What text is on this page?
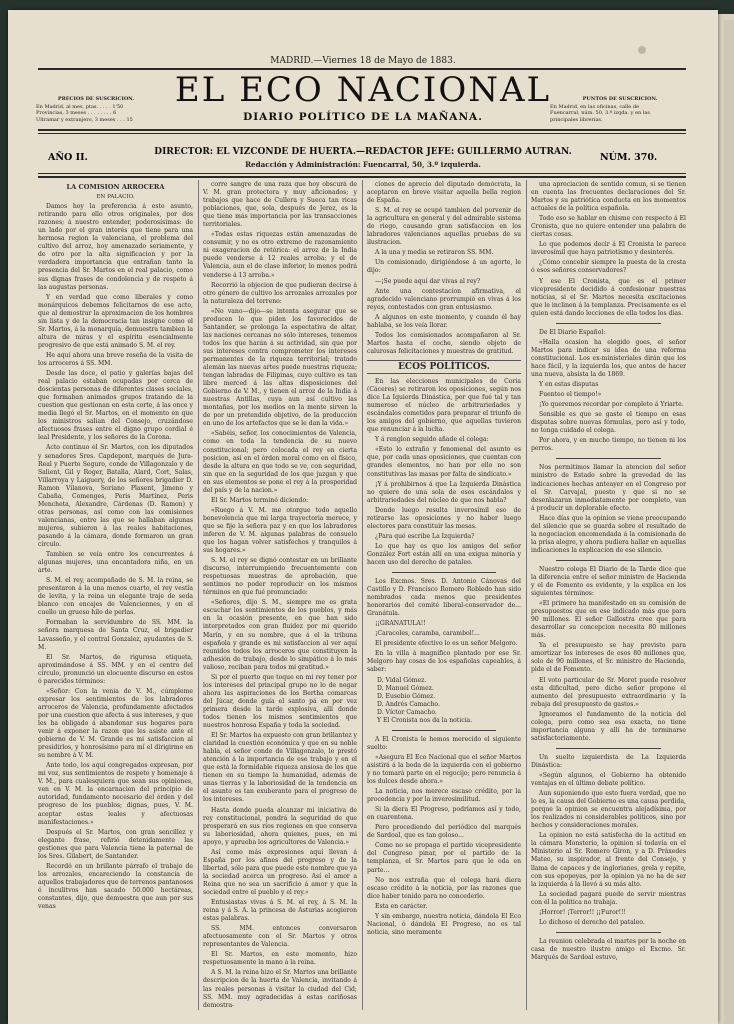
MADRID.—Viernes 18 de Mayo de 1883.
PRECIOS DE SUSCRICION.
En Madrid, al mes, ptas. . . . . 1'50
Provincias, 3 meses . . . . . . . . 6
Ultramar y extranjero, 3 meses . . . 15
EL ECO NACIONAL	PUNTOS DE SUSCRICION.
En Madrid, en las oficinas, calle de
Fuencarral, núm. 50, 3.º izqda. y en las
principales librerías.
DIARIO POLÍTICO DE LA MAÑANA.
AÑO II.	DIRECTOR: EL VIZCONDE DE HUERTA.—REDACTOR JEFE: GUILLERMO AUTRAN.
Redacción y Administración: Fuencarral, 50, 3.º izquierda.
NÚM. 370.

LA COMISION ARROCERA

EN PALACIO.

Damos hoy la preferencia á este asunto, retirando para ello otros originales, por dos razones; á nuestro entender, poderosísimas: de un lado por el gran interés que tiene para una hermosa region la valenciana, el problema del cultivo del arroz, hoy amenazado seriamente, y de otro por la alta significacion y por la verdadera importancia que entrañan tanto la presencia del Sr. Martos en el real palacio, como sus dignas frases de condolencia y de respeto á las augustas personas.

Y en verdad que como liberales y como monárquicos debemos felicitarnos de ese acto, que al demostrar la aproximacion de los hombres sin lista y de la democracia tan insigne como el Sr. Martos, á la monarquía, demuestra tambien la altura de miras y el espíritu esencialmente progresivo de que está animado S. M. el rey.

He aquí ahora una breve reseña de la visita de los arroceros á SS. MM.

Desde las doce, el patio y galerías bajas del real palacio estaban ocupadas por cerca de doscientas personas de diferentes clases sociales, que formaban animados grupos tratando de la cuestion que gestionan en esta corte, á las once y media llegó el Sr. Martos, en el momento en que los ministros salian del Consejo, cruzándose afectuosos frases entre el digno grupo cordial é leal Presidente, y los señores de la Corona.

Acto continuo el Sr. Martos, con los diputados y senadores Sres. Capdepont, marqués de Jura-Real y Puerto Seguro, conde de Villagonzalo y de Salient, Gil y Roger, Batalla, Alard, Cort, Salas, Villarroya y Laiguery, de los señores brigadier D. Ramon Vilanova, Soriano Plasent, Jimeno y Cabaña, Comenges, Peris Martínez, Peris Mencheta, Alexandre, Cárdenas (D. Ramon) y otras personas, así como con las comisiones valencianas, entre las que se hallaban algunas mujeres, subieron á las reales habitaciones, pasando á la cámara, donde formaron un gran círculo.

Tambien se veía entre los concurrentes á algunas mujeres, una encantadora niña, en un arte.

S. M. el rey, acompañado de S. M. la reina, se presentaron á la una menos cuarto, el rey vestía de levita, y la reina un elegante traje de seda blanco con encajes de Valenciennes, y en el cuello un grueso hilo de perlas.

Formaban la servidumbre de SS. MM. la señora marquesa de Santa Cruz, el brigadier Lavasseño, y el contral Gonzalez, ayudantes de S. M.

El Sr. Martos, de rigurosa etiqueta, aproximándose á SS. MM. y en el centro del círculo, pronunció un elocuente discurso en estos ó parecidos términos:

«Señor: Con la venia de V. M., cúmpleme expresar los sentimientos de los labradores arroceros de Valencia, profundamente afectados por una cuestion que afecta á sus intereses, y que les ha obligado á abandonar sus hogares para venir á exponer la razon que les asiste ante el gobierno de V. M. Grande es mi satisfaccion al presidirlos, y honrosísimo para mí el dirigirme en su nombre á V. M.

Ante todo, los aquí congregados expresan, por mi voz, sus sentimientos de respeto y homenaje á V. M., para cualesquiera que sean sus opiniones, ven en V. M. la encarnacion del principio de autoridad, fundamento necesario del órden y del progreso de los pueblos; dignas, pues, V. M. aceptar estas leales y afectuosas manifestaciones.»

Después el Sr. Martos, con gran sencillez y elegante frase, refirió detenidamente las gestiones que para Valencia tiene la paternal de los Sres. Gilabert, de Santander.

Recordó en un brillante párrafo el trabajo de los arrozales, encareciendo la constancia de aquellos trabajadores que de terrenos pantanosos é inculitvos han sacado 50.000 hectáreas, constantes, dijo, que demuestra que aun por sus venas

corre sangre de una raza que hoy obscurá de V. M. gran protectora y muy aficionados; y trabajos que hace de Cullera y Sueca tan ricas poblaciones, que, sola, después de Jerez, es la que tiene más importancia por las transacciones territoriales.

«Todas estas riquezas están amenazadas de consumir, y no es otro extremo de razonamiento ni exageracion de retórica: el arroz de la India puede venderse á 12 reales arroba; y el de Valencia, aun el de clase inferior, lo menos podrá venderse á 13 arroba.»

Recorrió la objecion de que pudieran decirse á otro género de cultivo los arrozales arrozales por la naturaleza del terreno:

«No vano—dijo—se intenta asegurar que se producen lo que piden los favorecidos de Santander, se prolonga la espectativa de altar, las naciones cercanas no sólo intereses, tenemos todos los que harán á su actividad, sin que por sus intereses contra comprometer los intereses permanentes de la riqueza territorial; tratado alemán las nuevas artes puede nuestras riqueza; tengan labradas de Filipinas, cuyo cultivo es tan libre merced á las altas disposiciones del Gobierno de V. M., y tienen el arroz de la India á nuestras Antillas, cuya aun así cultivo las montañas, por los medios en la mente sirven la de por un pretendido objetivo, de la producción en uno de los artefactos que se le dan la vida.»

«Sabéis, señor, los conocimientos de Valencia, como en toda la tendencia de su nuevo constitucional; pero colocada el rey en cierta posicion, así en el órden moral como en el físico, desde la altura en que todo se ve, con seguridad, sin que en la seguridad de los que juzgan y que en sus elementos se pone el rey á la prosperidad del país y de la nacion.»

El Sr. Martos terminó diciendo:

«Ruego á V. M. me otorgue todo aquello benevolencia que mi larga trayectoria merece, y que se fije la señora paz y en que los labradores inferen de V. M. algunas palabras de consuelo que los hagan volver satisfechos y tranquilos á sus hogares.»

S. M. el rey se dignó contestar en un brillante discurso, interrumpiendo frecuentemente con respetuosas muestras de aprobación, que sentimos no poder reproducir en los mismos términos en que fué pronunciado:

«Señores, dijo S. M., siempre me es grata escuchar los sentimientos de los pueblos, y más en la ocasión presente, en que han sido interpretados con gran fluidez por mi querido Marín, y en su nombre, que á el la tribuna española y grande es mi satisfaccion al ver aquí reunidos todos los arroceros que constituyen la adhesión de trabajo, desde lo simpático á lo más valioso, reciban para todos mi gratitud.»

Si por el puerto que toque en mi rey tener por los intereses del principal grupo no lo de negar ahora las aspiraciones de los Bertha comarcas del Júcar, donde guía el santo pá en por vez primera desde la tarde explosiva, allí donde todos tienen los mismos sentimientos que nuestros honrosa España y toda la sociedad.

El Sr. Martos ha expuesto con gran brillantez y claridad la cuestión económica y que en su noble habla, el señor conde de Villagonzalo, le prestó atención á la importancia de ese trabajo y en el que está la formidable riqueza ansiosa de los que tienen en su tiempo la humanidad, además de unas tierras y la laboriosidad de la tendencia en el asunto es tan exuberante para el progreso de los intereses.

Hasta donde pueda alcanzar mi iniciativa de rey constitucional, pondrá la seguridad de que prosperará en sus ríos regiones en que conserva su laboriosidad, ahora quienes, pues, en mi apoyo, y aprueba los agricultores de Valencia.»

Así como más expresiones aquí llevan á España por los afines del progreso y de la libertad, sólo para que puede este nombre que ya la sociedad acerca un progreso. Así el amor a Reina que no sea un sacrificio á amor y que la sociedad entre el pueblo y el rey.»

Entusiastas vivas á S. M. el rey, á S. M. la reina y á S. A. la princesa de Asturias acogieron estas palabras.

SS. MM. entonces conversaron afectuosamente con el Sr. Martos y otros representantes de Valencia.

El Sr. Martos, en este momento, hizo respetuosamente la mano á la reina.

A S. M. la reina hizo el Sr. Martos una brillante descripcion de la huerta de Valencia, invitando á las reales personas á visitar la ciudad del Cid; SS. MM. muy agradecidas á estas cariñosas demostra-

ciones de aprecio del diputado demócrata, la aceptaron en breve visitar aquella bella region de España.

S. M. el rey se ocupó tambien del porvenir de la agricultura en general y del admirable sistema de riego, causando gran satisfaccion en los labradores valencianos aquellas pruebas de su ilustracion.

A la una y media se retiraron SS. MM.

Un comisionado, dirigiéndose á un agorte, le dijo:

—¡Se puede aquí dar vivas al rey?

Ante una contestacion afirmativa, el agradecido valenciano prorrumpió en vivas á los reyes, contestados con gran entusiasmo.

A algunos en este momento, y cuando él hay hablaba, se los veía llorar.

Todos los comisionados acompañaron al Sr. Martos hasta el coche, siendo objeto de calurosas felicitaciones y muestras de gratitud.

ECOS POLÍTICOS.

En las elecciones municipales de Coria (Cáceres) se retiraron los oposiciones, según nos dice La Iquierda Dinástica, por que fué tal y tan numeroso el núcleo de arbitrariedades y escándalos cometidos para preparar el triunfo de los amigos del gobierno, que aquellas tuvieron que renunciar á la lucha.

Y á renglon seguido añade el colega:

«Esto lo extraño y fenomenal del asunto es que, por cada unas oposiciones, que cuentan con grandes elementos, no han por ello no son constitutivas las masas por falta de sindicato.»

¡Y á prohibirnos á que La Izquierda Dinástica no quiere de una sola de esos escándalos y arbitrariedades del núcleo de que nos habla?

Donde luego resulta inverosímil eso de retirarse las oposiciones y no haber luego electores para constituir las mesas.

¿Para qué escribe La Izquierda?

Lo que hay es que los amigos del señor González Fort están allí en una exigua minoría y hacen uso del derecho de pataleo.

Los Excmos. Sres. D. Antonio Cánovas del Castillo y D. Francisco Romero Robledo han sido nombrados cada menos que presidentes honorarios del comité liberal-conservador de... Granátula.

¡¡GRANATULA!!

¡Caracoles, caramba, carambol!...

El presidente efectivo lo es un señor Melgoro.

En la villa á magnífico plantado por ese Sr. Melgoro hay cosas de los españolas capeables, á saber:

D. Vidal Gómez.

D. Manuel Gómez.

D. Eusebio Gómez.

D. Andrés Camacho.

D. Víctor Camacho.

Y El Cronista nos da la noticia.

A El Cronista le hemos merecido el siguiente suelto:

«Asegura El Eco Nacional que el señor Martos asistirá á la boda de la izquierda con el gobierno y no tomará parte en el regocijo; pero renuncia á los dulces desde ahora.»

La noticia, nos merece escaso crédito, por la procedencia y por la inverosimilitud.

Si la diera El Progreso, podríamos así y todo, en cuarentena.

Pero procediendo del periódico del marqués de Sardoal, que es tan goloso...

Como no se propaga el partido vicepresidente del Congreso pinar, por el partido de la templanza, el Sr. Martos para que le oda en parte...

No nos extraña que el colega hará diera escaso crédito á la noticia, por las razones que dice haber tenido para no concederlo.

Esta en carácter.

Y sin embargo, nuestra noticia, dándola El Eco Nacional, ó dándola El Progreso, no es tal noticia, sino meramente

una apreciacion de sentido comun, si se tienen en cuenta las frecuentes declaraciones del Sr. Martos y su patriótica conducta en los momentos actuales de la política española.

Todo eso se hablar en chisme con respecto á El Cronista, que no quiere entender una palabra de ciertas cosas.

Lo que podemos decir á El Cronista le parece inverosímil que haya patriotismo y desinterés.

¿Cómo concebir siempre la puesta de la cresta ó esos señores conservadores?

Y ese El Cronista, que es el primer vicepresidente decidido á confesionar nuestras noticias, si el Sr. Martos necesita excitaciones que le inclinen á la templanza. Precisamente es el quien está dando lecciones de ella todos los días.

De El Diario Español:

«Halla ocasion ha elegido goes, el señor Martos para indicar su idea de una reforma constitucional. Los ex-ministeriales dirán que los hace fácil, y la izquierda los, que antes de hacer una nueva, absista la de 1869.

Y en estas disputas

Fuenteo el tiempo!»

¡Yo queremos recordar por completo á Yriarte.

Sensible es que se gaste el tiempo en esas disputas sobre nuevas fórmulas, pero así y todo, no tenga cuidado el colega.

Por ahora, y en mucho tiempo, no tienen ni los perros.

Nos permitimos llamar la atencion del señor ministro de Estado sobre la gravedad de las indicaciones hechas anteayer en el Congreso por el Sr. Carvajal, puesto y que si no se desenlazaran inmediatamente por completo, van á producir un deplorable efecto.

Hace días que la opinion se viene preocupando del silencio que se guarda sobre el resultado de la negociacion encomendada á la comisionada de la prisa alegre, y ahora pudiera hallar en aquellas indicaciones la explicacion de ese silencio.

Nuestro colega El Diario de la Tarde dice que la diferencia entre el señor ministro de Hacienda y el de Fomento es evidente, y la explica en los siguientes términos:

«El primero ha manifestado en su comisión de presupuestos que en ese indicado más que para 90 millones. El señor Gallostra cree que para desarrollar su concepcion necesita 80 millones más.

Ya el presupuesto se hay previsto para amortizar los intereses de esos 80 millones que, solo de 90 millones, el Sr. ministro de Hacienda, pide el de Fomento.

El voto particular de Sr. Moret puede resolver esta dificultad, pero dicho señor propone el aumento del presupuesto extraordinario y la rebaja del presupuesto de gastos.»

Ignoramos el fundamento de la noticia del colega, pero como sea esa exacta, no tiene importancia alguna y allí ha de terminarse satisfactoriamente.

Un suelto izquierdista de La Izquierda Dinástica:

«Según algunos, el Gobierno ha obtenido ventajas en el último debate político.

Aun suponiendo que esto fuera verdad, que no lo es, la causa del Gobierno es una causa perdida, porque la opinion se encuentra alejadísima, por los realizados ni considerables políticos, sino por hechos y consideraciones morales.

La opinion no está satisfecha de la actitud en la cámara Monsterio, la opinion sí todavía en el Ministerio al Sr. Romero Giron, y a D. Práxedes Mateo, su inspirador, al frente del Consejo, y llama de capaces y de inglorianes, grela y repite, con sus epopeyas, por la opinion ya no ha de ser la izquierda á la llevó á su más alto.

La sociedad pagará puede de servir mientras con él la politica no trabaja.

¡Horror! ¡Terror!! ¡¡Furor!!!

Lo dichoso el derecho del pataleo.

La reunion celebrada el martes por la noche en casa de nuestro ilustre amigo el Excmo. Sr. Marqués de Sardoal estuvo,
